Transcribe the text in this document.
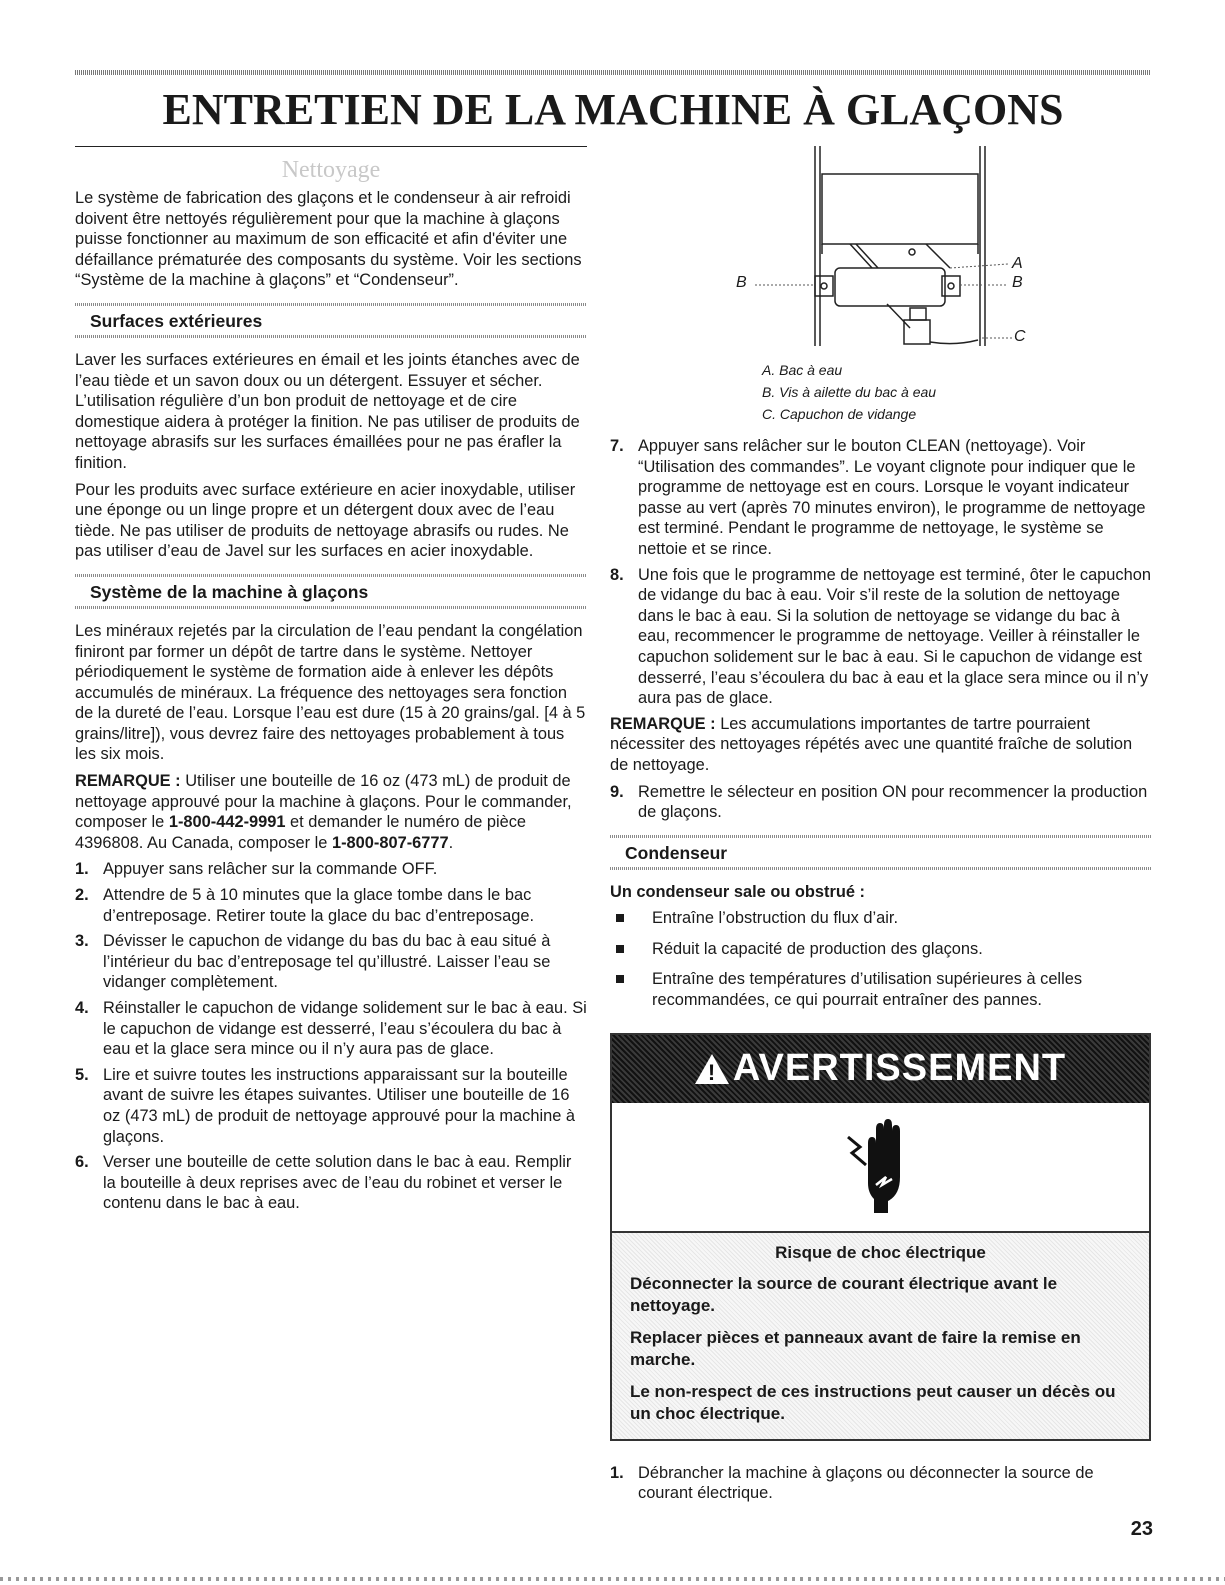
ENTRETIEN DE LA MACHINE À GLAÇONS
Nettoyage

Le système de fabrication des glaçons et le condenseur à air refroidi doivent être nettoyés régulièrement pour que la machine à glaçons puisse fonctionner au maximum de son efficacité et afin d'éviter une défaillance prématurée des composants du système. Voir les sections “Système de la machine à glaçons” et “Condenseur”.

Surfaces extérieures

Laver les surfaces extérieures en émail et les joints étanches avec de l’eau tiède et un savon doux ou un détergent. Essuyer et sécher. L’utilisation régulière d’un bon produit de nettoyage et de cire domestique aidera à protéger la finition. Ne pas utiliser de produits de nettoyage abrasifs sur les surfaces émaillées pour ne pas érafler la finition.

Pour les produits avec surface extérieure en acier inoxydable, utiliser une éponge ou un linge propre et un détergent doux avec de l’eau tiède. Ne pas utiliser de produits de nettoyage abrasifs ou rudes. Ne pas utiliser d’eau de Javel sur les surfaces en acier inoxydable.

Système de la machine à glaçons

Les minéraux rejetés par la circulation de l’eau pendant la congélation finiront par former un dépôt de tartre dans le système. Nettoyer périodiquement le système de formation aide à enlever les dépôts accumulés de minéraux. La fréquence des nettoyages sera fonction de la dureté de l’eau. Lorsque l’eau est dure (15 à 20 grains/gal. [4 à 5 grains/litre]), vous devrez faire des nettoyages probablement à tous les six mois.

REMARQUE : Utiliser une bouteille de 16 oz (473 mL) de produit de nettoyage approuvé pour la machine à glaçons. Pour le commander, composer le 1-800-442-9991 et demander le numéro de pièce 4396808. Au Canada, composer le 1-800-807-6777.

1. Appuyer sans relâcher sur la commande OFF.
2. Attendre de 5 à 10 minutes que la glace tombe dans le bac d’entreposage. Retirer toute la glace du bac d’entreposage.
3. Dévisser le capuchon de vidange du bas du bac à eau situé à l’intérieur du bac d’entreposage tel qu’illustré. Laisser l’eau se vidanger complètement.
4. Réinstaller le capuchon de vidange solidement sur le bac à eau. Si le capuchon de vidange est desserré, l’eau s’écoulera du bac à eau et la glace sera mince ou il n’y aura pas de glace.
5. Lire et suivre toutes les instructions apparaissant sur la bouteille avant de suivre les étapes suivantes. Utiliser une bouteille de 16 oz (473 mL) de produit de nettoyage approuvé pour la machine à glaçons.
6. Verser une bouteille de cette solution dans le bac à eau. Remplir la bouteille à deux reprises avec de l’eau du robinet et verser le contenu dans le bac à eau.
B
A
B
C
A. Bac à eau
B. Vis à ailette du bac à eau
C. Capuchon de vidange
7. Appuyer sans relâcher sur le bouton CLEAN (nettoyage). Voir “Utilisation des commandes”. Le voyant clignote pour indiquer que le programme de nettoyage est en cours. Lorsque le voyant indicateur passe au vert (après 70 minutes environ), le programme de nettoyage est terminé. Pendant le programme de nettoyage, le système se nettoie et se rince.
8. Une fois que le programme de nettoyage est terminé, ôter le capuchon de vidange du bac à eau. Voir s’il reste de la solution de nettoyage dans le bac à eau. Si la solution de nettoyage se vidange du bac à eau, recommencer le programme de nettoyage. Veiller à réinstaller le capuchon solidement sur le bac à eau. Si le capuchon de vidange est desserré, l’eau s’écoulera du bac à eau et la glace sera mince ou il n’y aura pas de glace.

REMARQUE : Les accumulations importantes de tartre pourraient nécessiter des nettoyages répétés avec une quantité fraîche de solution de nettoyage.

9. Remettre le sélecteur en position ON pour recommencer la production de glaçons.
Condenseur

Un condenseur sale ou obstrué :

Entraîne l’obstruction du flux d’air.
Réduit la capacité de production des glaçons.
Entraîne des températures d’utilisation supérieures à celles recommandées, ce qui pourrait entraîner des pannes.
! AVERTISSEMENT
Risque de choc électrique

Déconnecter la source de courant électrique avant le nettoyage.

Replacer pièces et panneaux avant de faire la remise en marche.

Le non-respect de ces instructions peut causer un décès ou un choc électrique.

1. Débrancher la machine à glaçons ou déconnecter la source de courant électrique.
23
